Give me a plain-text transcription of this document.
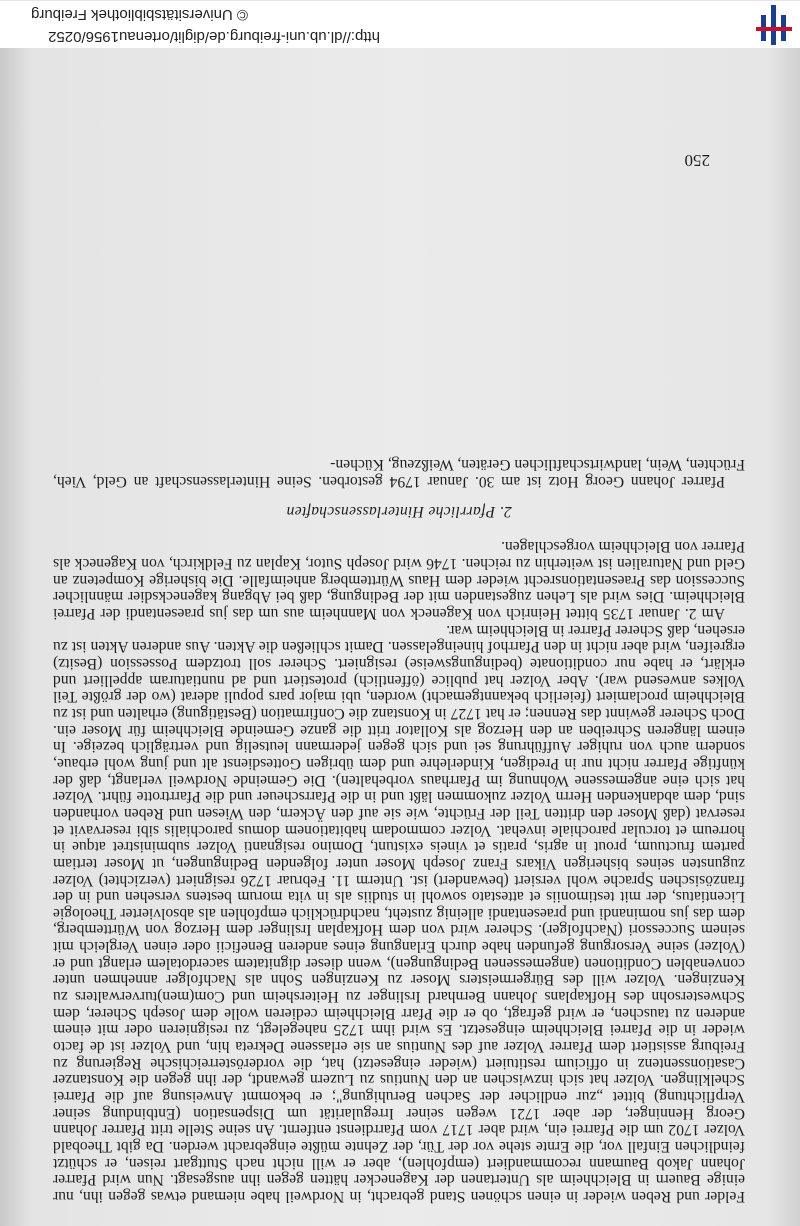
http://dl.ub.uni-freiburg.de/diglit/ortenau1956/0252
© Universitätsbibliothek Freiburg

Felder und Reben wieder in einen schönen Stand gebracht, in Nordweil habe niemand etwas gegen ihn, nur einige Bauern in Bleichheim als Untertanen der Kagenecker hätten gegen ihn ausgesagt. Nun wird Pfarrer Johann Jakob Baumann recommandiert (empfohlen), aber er will nicht nach Stuttgart reisen, er schützt feindlichen Einfall vor, die Ernte stehe vor der Tür, der Zehnte müßte eingebracht werden. Da gibt Theobald Volzer 1702 um die Pfarrei ein, wird aber 1717 vom Pfarrdienst entfernt. An seine Stelle tritt Pfarrer Johann Georg Henninger, der aber 1721 wegen seiner Irregularität um Dispensation (Entbindung seiner Verpflichtung) bittet „zur endlicher der Sachen Beruhigung"; er bekommt Anweisung auf die Pfarrei Schelklingen. Volzer hat sich inzwischen an den Nuntius zu Luzern gewandt, der ihn gegen die Konstanzer Casationssentenz in officium restituiert (wieder eingesetzt) hat, die vorderösterreichische Regierung zu Freiburg assistiert dem Pfarrer Volzer auf des Nuntius an sie erlassene Dekreta hin, und Volzer ist de facto wieder in die Pfarrei Bleichheim eingesetzt. Es wird ihm 1725 nahegelegt, zu resignieren oder mit einem anderen zu tauschen, er wird gefragt, ob er die Pfarr Bleichheim cedieren wolle dem Joseph Scherer, dem Schwestersohn des Hofkaplans Johann Bernhard Irslinger zu Heitersheim und Com(men)turverwalters zu Kenzingen. Volzer will des Bürgermeisters Moser zu Kenzingen Sohn als Nachfolger annehmen unter convenablen Conditionen (angemessenen Bedingungen), wenn dieser dignitatem sacerdotalem erlangt und er (Volzer) seine Versorgung gefunden habe durch Erlangung eines anderen Beneficii oder einen Vergleich mit seinem Successori (Nachfolger). Scherer wird von dem Hofkaplan Irslinger dem Herzog von Württemberg, dem das jus nominandi und praesentandi alleinig zusteht, nachdrücklich empfohlen als absolvierter Theologie Licentiatus, der mit testimoniis et attestato sowohl in studiis als in vita morum bestens versehen und in der französischen Sprache wohl versiert (bewandert) ist. Unterm 11. Februar 1726 resigniert (verzichtet) Volzer zugunsten seines bisherigen Vikars Franz Joseph Moser unter folgenden Bedingungen, ut Moser tertiam partem fructuum, prout in agris, pratis et vineis existunt, Domino resignanti Volzer subministret atque in horreum et torcular parochiale invehat. Volzer commodam habitationem domus parochialis sibi reservavit et reservat (daß Moser den dritten Teil der Früchte, wie sie auf den Äckern, den Wiesen und Reben vorhanden sind, dem abdankenden Herrn Volzer zukommen läßt und in die Pfarrscheuer und die Pfarrtrotte führt. Volzer hat sich eine angemessene Wohnung im Pfarrhaus vorbehalten). Die Gemeinde Nordweil verlangt, daß der künftige Pfarrer nicht nur in Predigen, Kinderlehre und dem übrigen Gottesdienst alt und jung wohl erbaue, sondern auch von ruhiger Aufführung sei und sich gegen jedermann leutselig und verträglich bezeige. In einem längeren Schreiben an den Herzog als Kollator tritt die ganze Gemeinde Bleichheim für Moser ein. Doch Scherer gewinnt das Rennen; er hat 1727 in Konstanz die Confirmation (Bestätigung) erhalten und ist zu Bleichheim proclamiert (feierlich bekanntgemacht) worden, ubi major pars populi aderat (wo der größte Teil Volkes anwesend war). Aber Volzer hat publice (öffentlich) protestiert und ad nuntiaturam appelliert und erklärt, er habe nur conditionate (bedingungsweise) resigniert. Scherer soll trotzdem Possession (Besitz) ergreifen, wird aber nicht in den Pfarrhof hineingelassen. Damit schließen die Akten. Aus anderen Akten ist zu ersehen, daß Scherer Pfarrer in Bleichheim war.

Am 2. Januar 1735 bittet Heinrich von Kageneck von Mannheim aus um das jus praesentandi der Pfarrei Bleichheim. Dies wird als Lehen zugestanden mit der Bedingung, daß bei Abgang kagenecksdier männlicher Succession das Praesentationsrecht wieder dem Haus Württemberg anheimfalle. Die bisherige Kompetenz an Geld und Naturalien ist weiterhin zu reichen. 1746 wird Joseph Sutor, Kaplan zu Feldkirch, von Kageneck als Pfarrer von Bleichheim vorgeschlagen.

2. Pfarrliche Hinterlassenschaften

Pfarrer Johann Georg Hotz ist am 30. Januar 1794 gestorben. Seine Hinterlassenschaft an Geld, Vieh, Früchten, Wein, landwirtschaftlichen Geräten, Weißzeug, Küchen-

250
